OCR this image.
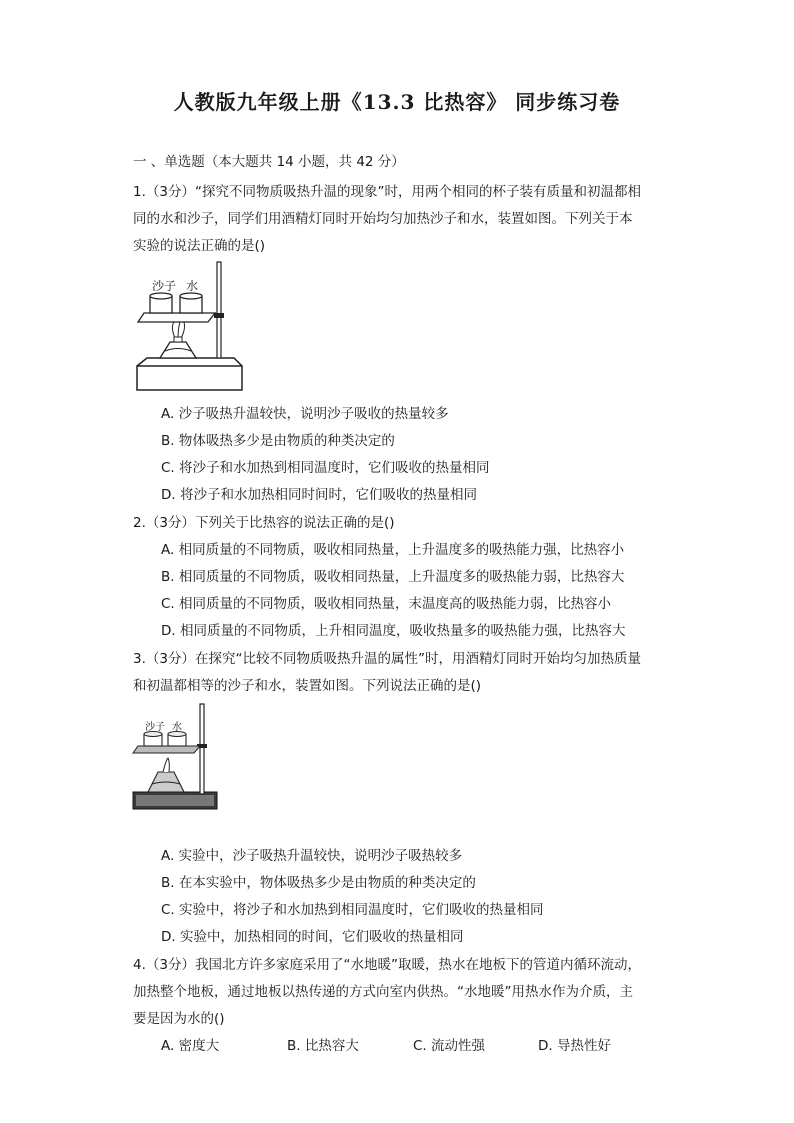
人教版九年级上册《13.3 比热容》 同步练习卷
一 、单选题（本大题共 14 小题，共 42 分）
1.（3分）“探究不同物质吸热升温的现象”时，用两个相同的杯子装有质量和初温都相
同的水和沙子，同学们用酒精灯同时开始均匀加热沙子和水，装置如图。下列关于本
实验的说法正确的是()
沙子 水
A. 沙子吸热升温较快，说明沙子吸收的热量较多
B. 物体吸热多少是由物质的种类决定的
C. 将沙子和水加热到相同温度时，它们吸收的热量相同
D. 将沙子和水加热相同时间时，它们吸收的热量相同
2.（3分）下列关于比热容的说法正确的是()
A. 相同质量的不同物质，吸收相同热量，上升温度多的吸热能力强，比热容小
B. 相同质量的不同物质，吸收相同热量，上升温度多的吸热能力弱，比热容大
C. 相同质量的不同物质，吸收相同热量，末温度高的吸热能力弱，比热容小
D. 相同质量的不同物质，上升相同温度，吸收热量多的吸热能力强，比热容大
3.（3分）在探究“比较不同物质吸热升温的属性”时，用酒精灯同时开始均匀加热质量
和初温都相等的沙子和水，装置如图。下列说法正确的是()
沙子 水
A. 实验中，沙子吸热升温较快，说明沙子吸热较多
B. 在本实验中，物体吸热多少是由物质的种类决定的
C. 实验中，将沙子和水加热到相同温度时，它们吸收的热量相同
D. 实验中，加热相同的时间，它们吸收的热量相同
4.（3分）我国北方许多家庭采用了“水地暖”取暖，热水在地板下的管道内循环流动，
加热整个地板，通过地板以热传递的方式向室内供热。“水地暖”用热水作为介质，主
要是因为水的()
A. 密度大	B. 比热容大	C. 流动性强	D. 导热性好
